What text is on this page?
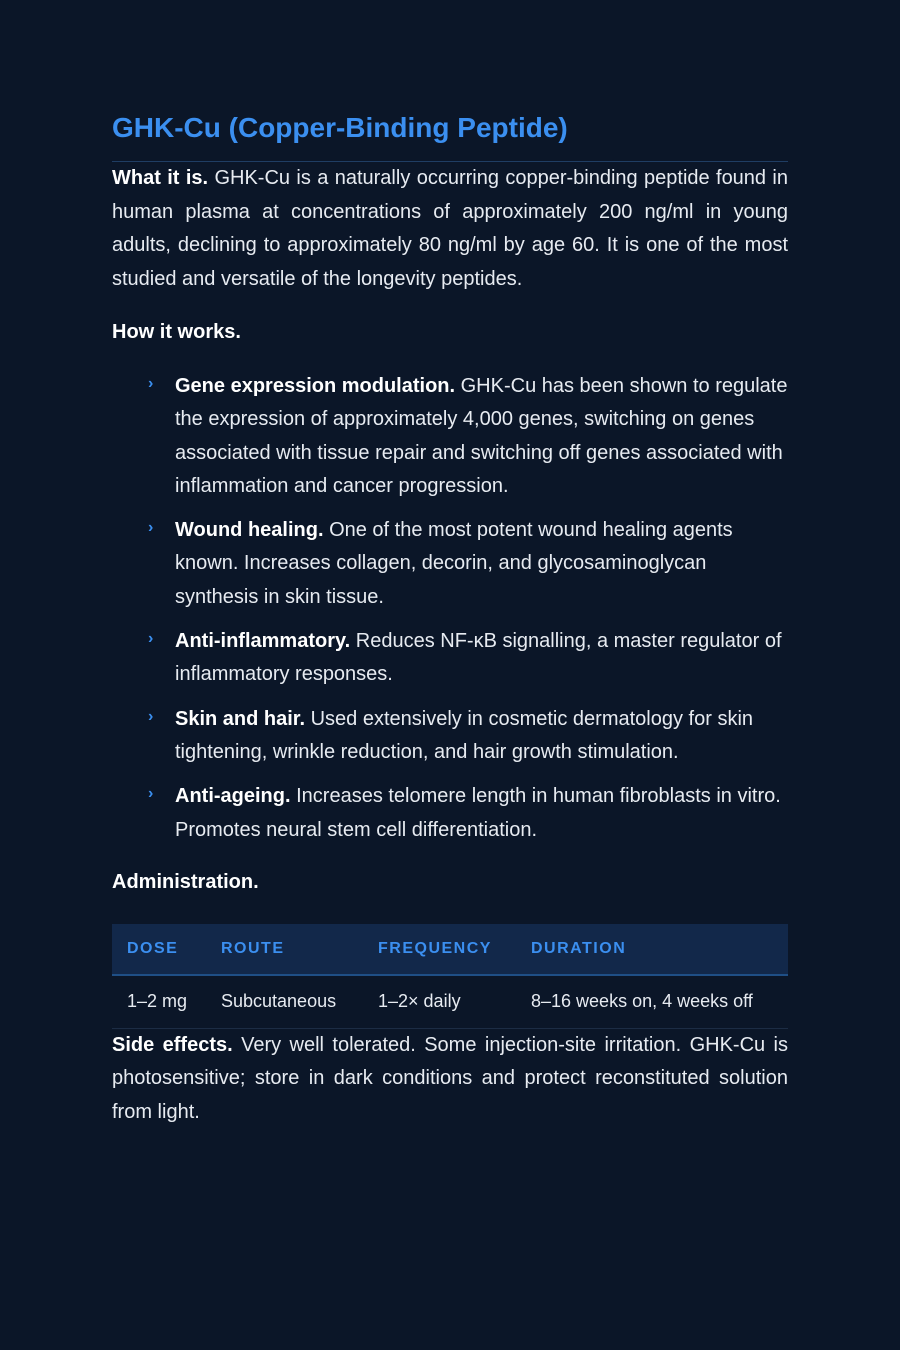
GHK-Cu (Copper-Binding Peptide)

What it is. GHK-Cu is a naturally occurring copper-binding peptide found in human plasma at concentrations of approximately 200 ng/ml in young adults, declining to approximately 80 ng/ml by age 60. It is one of the most studied and versatile of the longevity peptides.

How it works.

› Gene expression modulation. GHK-Cu has been shown to regulate the expression of approximately 4,000 genes, switching on genes associated with tissue repair and switching off genes associated with inflammation and cancer progression.
› Wound healing. One of the most potent wound healing agents known. Increases collagen, decorin, and glycosaminoglycan synthesis in skin tissue.
› Anti-inflammatory. Reduces NF-κB signalling, a master regulator of inflammatory responses.
› Skin and hair. Used extensively in cosmetic dermatology for skin tightening, wrinkle reduction, and hair growth stimulation.
› Anti-ageing. Increases telomere length in human fibroblasts in vitro. Promotes neural stem cell differentiation.

Administration.

DOSE	ROUTE	FREQUENCY	DURATION
1–2 mg	Subcutaneous	1–2× daily	8–16 weeks on, 4 weeks off

Side effects. Very well tolerated. Some injection-site irritation. GHK-Cu is photosensitive; store in dark conditions and protect reconstituted solution from light.
